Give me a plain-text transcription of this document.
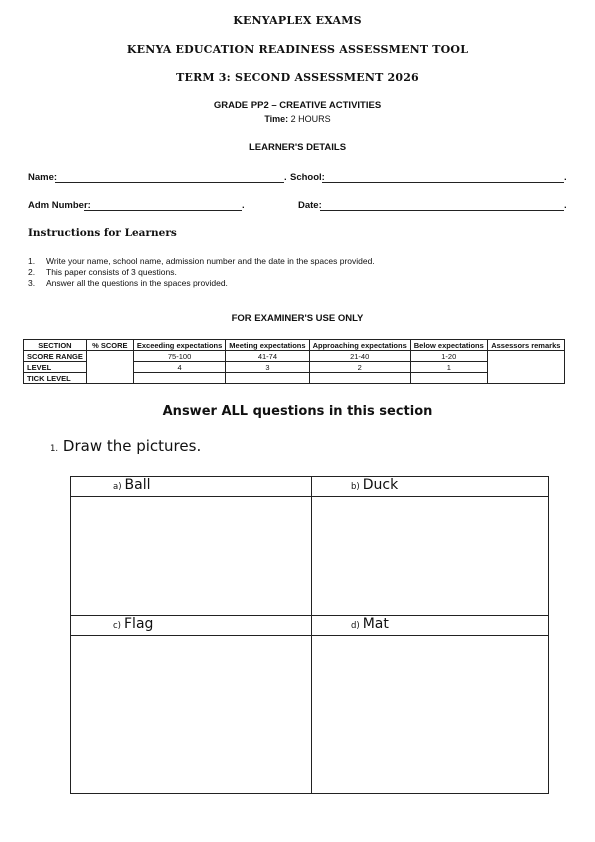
KENYAPLEX EXAMS
KENYA EDUCATION READINESS ASSESSMENT TOOL
TERM 3: SECOND ASSESSMENT 2026
GRADE PP2 – CREATIVE ACTIVITIES
Time: 2 HOURS
LEARNER'S DETAILS
Name:	. School:	.
Adm Number:	.	Date:	.
Instructions for Learners
1. Write your name, school name, admission number and the date in the spaces provided.
2. This paper consists of 3 questions.
3. Answer all the questions in the spaces provided.
FOR EXAMINER'S USE ONLY
SECTION	% SCORE	Exceeding expectations	Meeting expectations	Approaching expectations	Below expectations	Assessors remarks
SCORE RANGE		75-100	41-74	21-40	1-20	
LEVEL		4	3	2	1	
TICK LEVEL						
Answer ALL questions in this section
1. Draw the pictures.
a) Ball	b) Duck
c) Flag	d) Mat
